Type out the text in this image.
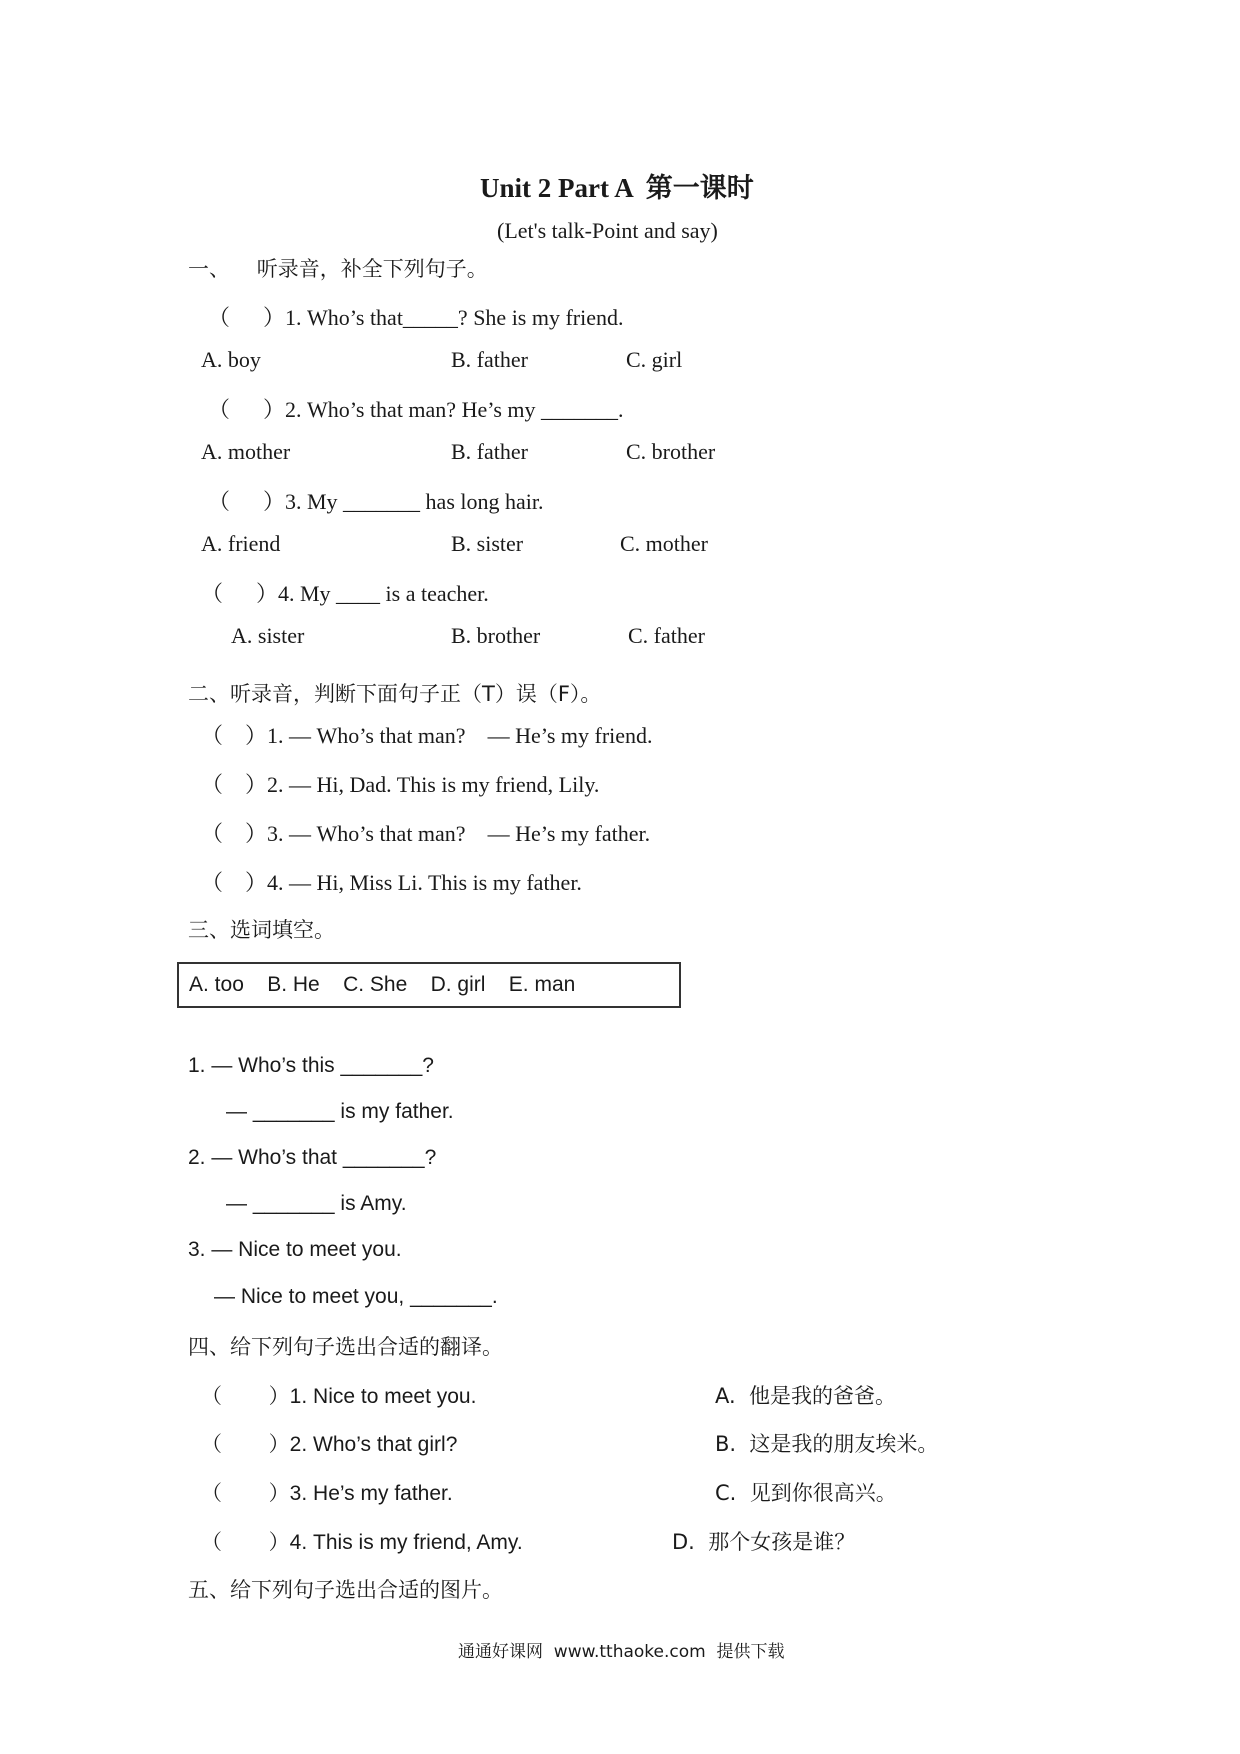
Unit 2 Part A  第一课时
(Let's talk-Point and say)
一、    听录音，补全下列句子。
（      ）1. Who’s that_____? She is my friend.
A. boy	B. father	C. girl
（      ）2. Who’s that man? He’s my _______.
A. mother	B. father	C. brother
（      ）3. My _______ has long hair.
A. friend	B. sister	C. mother
（      ）4. My ____ is a teacher.
A. sister	B. brother	C. father
二、听录音，判断下面句子正（T）误（F）。
（    ）1. — Who’s that man?    — He’s my friend.
（    ）2. — Hi, Dad. This is my friend, Lily.
（    ）3. — Who’s that man?    — He’s my father.
（    ）4. — Hi, Miss Li. This is my father.
三、选词填空。
A. too    B. He    C. She    D. girl    E. man
1. — Who’s this _______?
— _______ is my father.
2. — Who’s that _______?
— _______ is Amy.
3. — Nice to meet you.
— Nice to meet you, _______.
四、给下列句子选出合适的翻译。
（        ）1. Nice to meet you.	A.  他是我的爸爸。
（        ）2. Who’s that girl?	B.  这是我的朋友埃米。
（        ）3. He’s my father.	C.  见到你很高兴。
（        ）4. This is my friend, Amy.	D.  那个女孩是谁？
五、给下列句子选出合适的图片。
通通好课网  www.tthaoke.com  提供下载
